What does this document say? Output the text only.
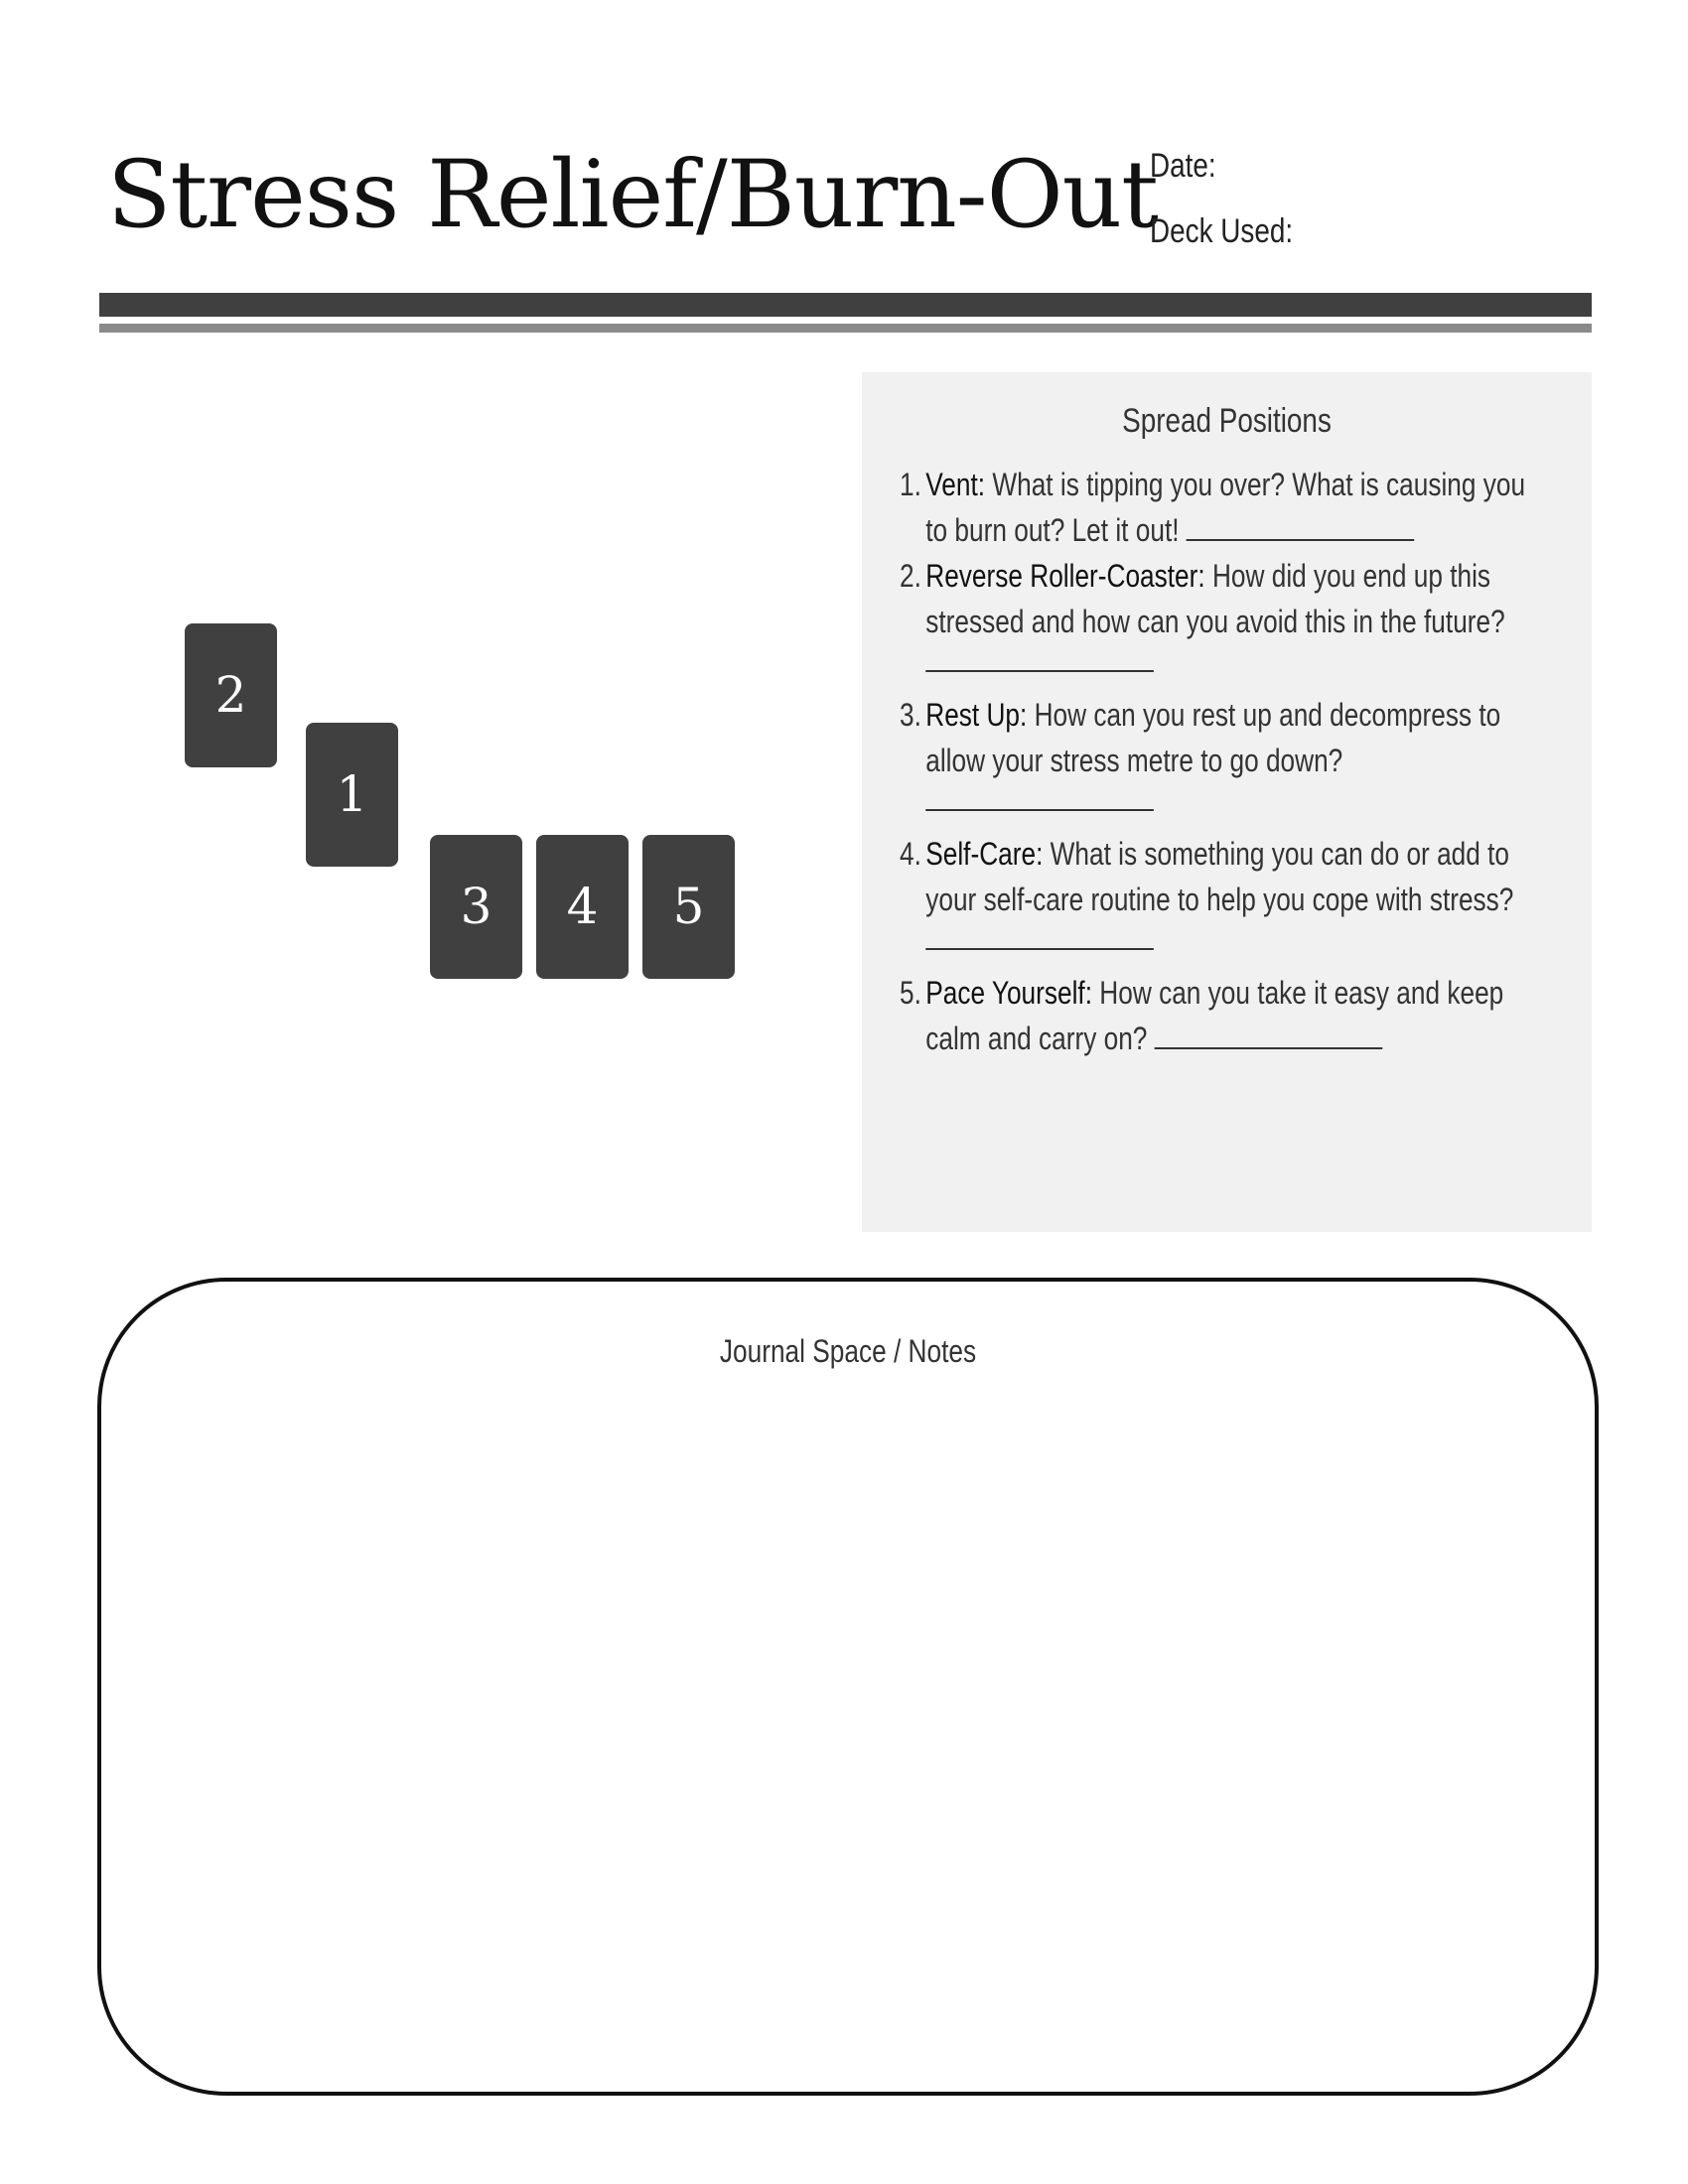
Stress Relief/Burn-Out
Date:
Deck Used:
2
1
3	4	5
Spread Positions
1. Vent: What is tipping you over? What is causing you to burn out? Let it out!
2. Reverse Roller-Coaster: How did you end up this stressed and how can you avoid this in the future?
3. Rest Up: How can you rest up and decompress to allow your stress metre to go down?
4. Self-Care: What is something you can do or add to your self-care routine to help you cope with stress?
5. Pace Yourself: How can you take it easy and keep calm and carry on?
Journal Space / Notes
